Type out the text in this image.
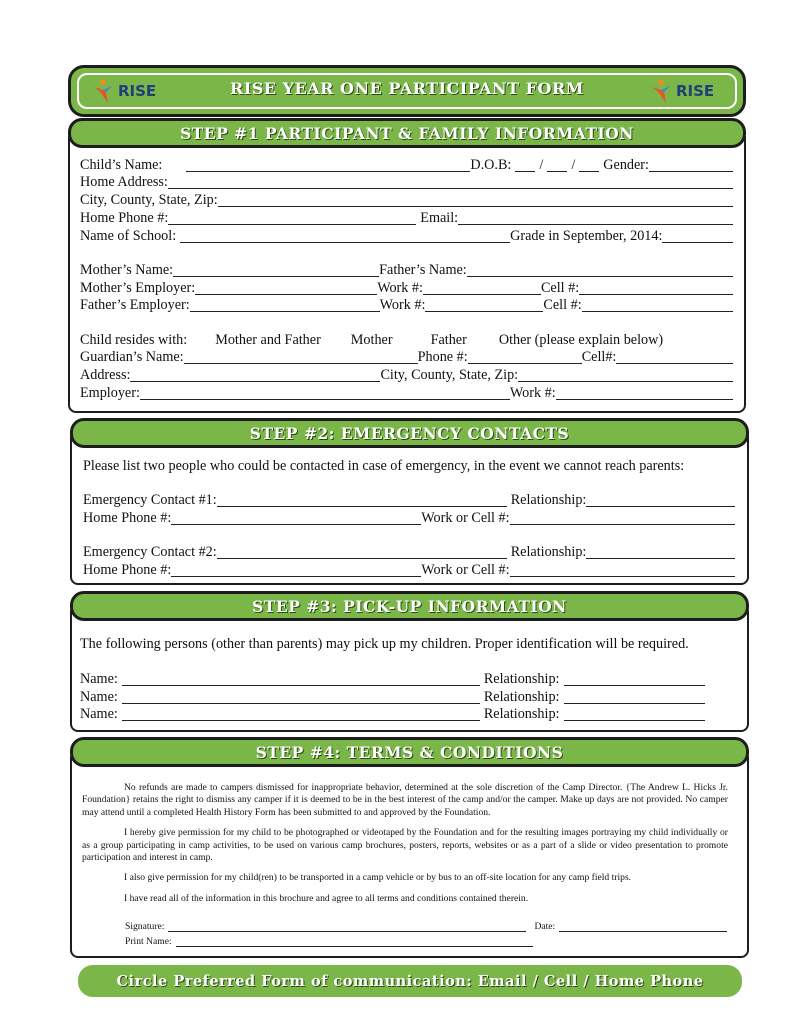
RISE YEAR ONE PARTICIPANT FORM
RISE	RISE
STEP #1 PARTICIPANT & FAMILY INFORMATION
Child’s Name:	D.O.B: / / Gender:
Home Address:
City, County, State, Zip:
Home Phone #:	Email:
Name of School:	Grade in September, 2014:
Mother’s Name:	Father’s Name:
Mother’s Employer:	Work #:	Cell #:
Father’s Employer:	Work #:	Cell #:
Child resides with: Mother and Father Mother	Father Other (please explain below)
Guardian’s Name:	Phone #:	Cell#:
Address:	City, County, State, Zip:
Employer:	Work #:
STEP #2: EMERGENCY CONTACTS
Please list two people who could be contacted in case of emergency, in the event we cannot reach parents:
Emergency Contact #1:	Relationship:
Home Phone #:	Work or Cell #:
Emergency Contact #2:	Relationship:
Home Phone #:	Work or Cell #:
STEP #3: PICK-UP INFORMATION
The following persons (other than parents) may pick up my children. Proper identification will be required.
Name:	Relationship:
Name:	Relationship:
Name:	Relationship:
STEP #4: TERMS & CONDITIONS

No refunds are made to campers dismissed for inappropriate behavior, determined at the sole discretion of the Camp Director. {The Andrew L. Hicks Jr. Foundation} retains the right to dismiss any camper if it is deemed to be in the best interest of the camp and/or the camper. Make up days are not provided. No camper may attend until a completed Health History Form has been submitted to and approved by the Foundation.

I hereby give permission for my child to be photographed or videotaped by the Foundation and for the resulting images portraying my child individually or as a group participating in camp activities, to be used on various camp brochures, posters, reports, websites or as a part of a slide or video presentation to promote participation and interest in camp.

I also give permission for my child(ren) to be transported in a camp vehicle or by bus to an off-site location for any camp field trips.

I have read all of the information in this brochure and agree to all terms and conditions contained therein.

Signature:	Date:
Print Name:
Circle Preferred Form of communication: Email / Cell / Home Phone
